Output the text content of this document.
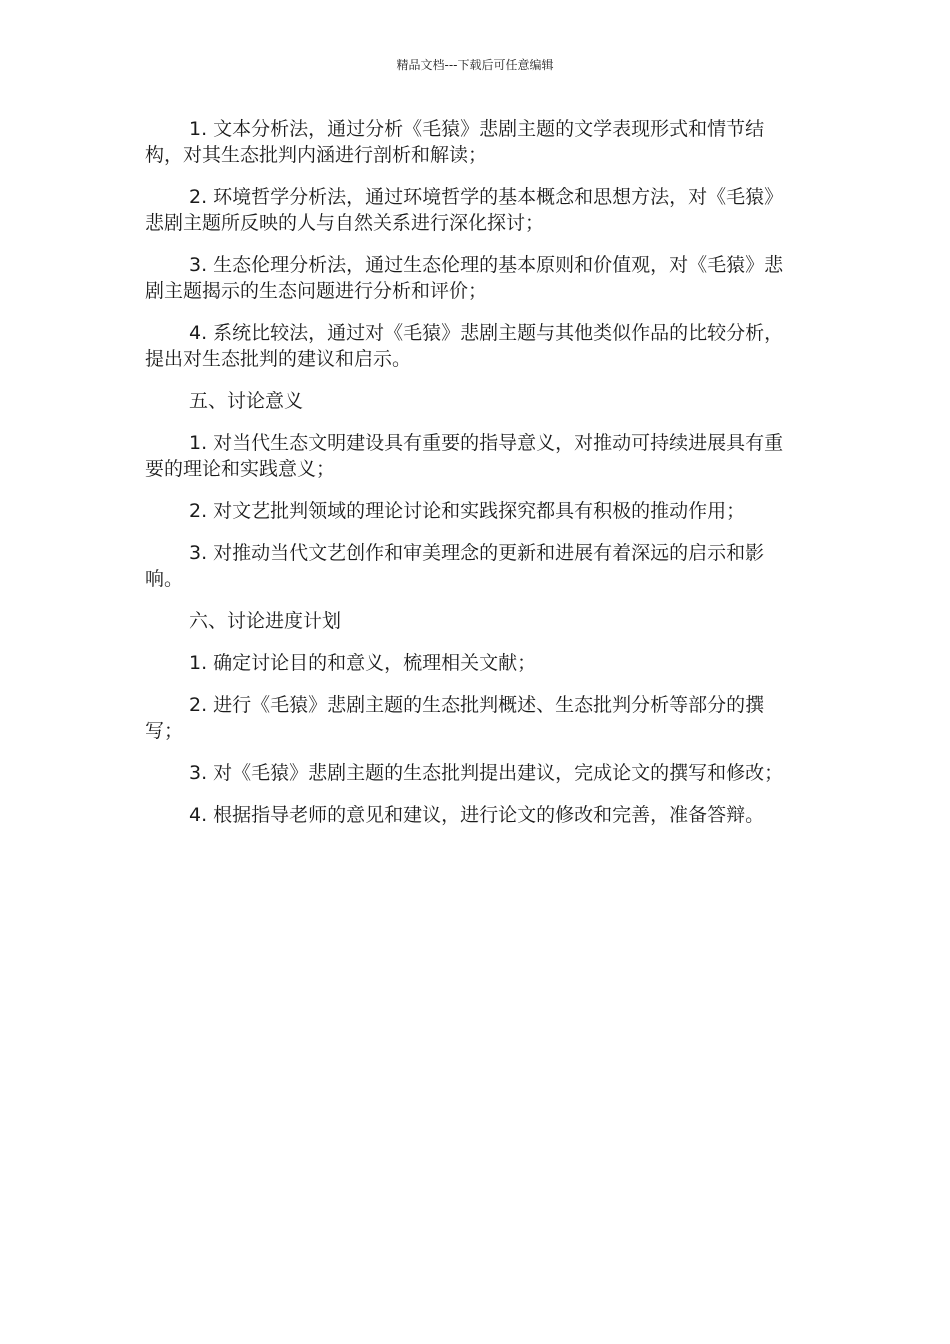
精品文档---下载后可任意编辑

1. 文本分析法，通过分析《毛猿》悲剧主题的文学表现形式和情节结构，对其生态批判内涵进行剖析和解读；

2. 环境哲学分析法，通过环境哲学的基本概念和思想方法，对《毛猿》悲剧主题所反映的人与自然关系进行深化探讨；

3. 生态伦理分析法，通过生态伦理的基本原则和价值观，对《毛猿》悲剧主题揭示的生态问题进行分析和评价；

4. 系统比较法，通过对《毛猿》悲剧主题与其他类似作品的比较分析，提出对生态批判的建议和启示。

五、讨论意义

1. 对当代生态文明建设具有重要的指导意义，对推动可持续进展具有重要的理论和实践意义；

2. 对文艺批判领域的理论讨论和实践探究都具有积极的推动作用；

3. 对推动当代文艺创作和审美理念的更新和进展有着深远的启示和影响。

六、讨论进度计划

1. 确定讨论目的和意义，梳理相关文献；

2. 进行《毛猿》悲剧主题的生态批判概述、生态批判分析等部分的撰写；

3. 对《毛猿》悲剧主题的生态批判提出建议，完成论文的撰写和修改；

4. 根据指导老师的意见和建议，进行论文的修改和完善，准备答辩。
